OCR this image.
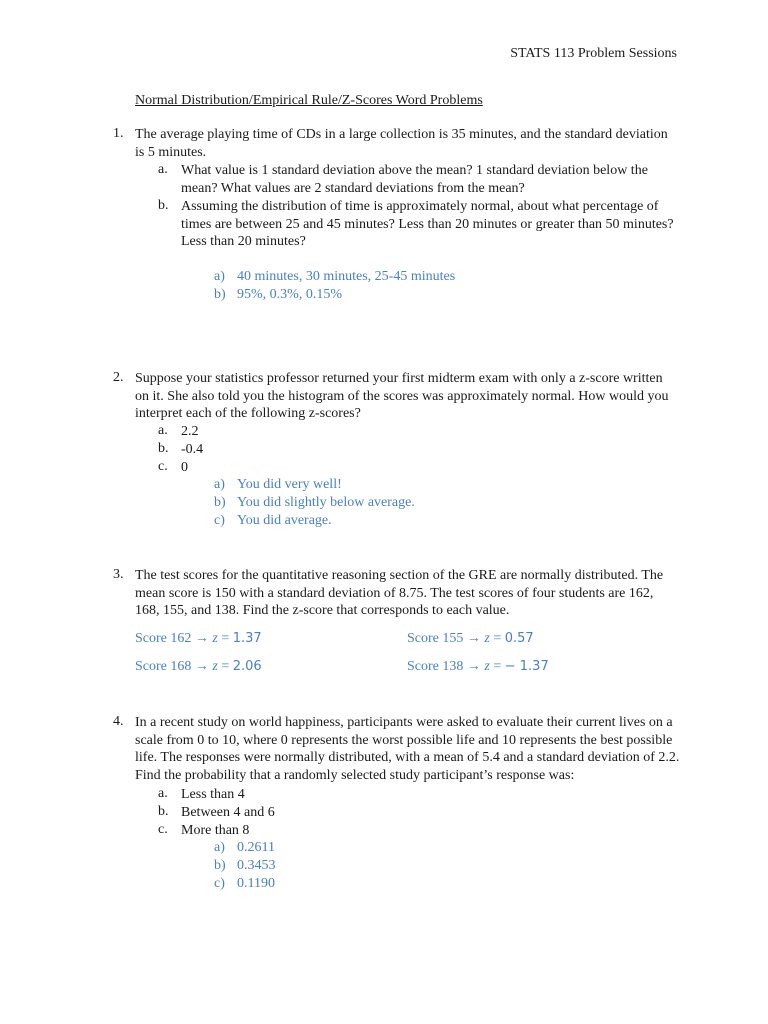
STATS 113 Problem Sessions
Normal Distribution/Empirical Rule/Z-Scores Word Problems
1. The average playing time of CDs in a large collection is 35 minutes, and the standard deviation is 5 minutes.
a. What value is 1 standard deviation above the mean? 1 standard deviation below the mean? What values are 2 standard deviations from the mean?
b. Assuming the distribution of time is approximately normal, about what percentage of times are between 25 and 45 minutes? Less than 20 minutes or greater than 50 minutes? Less than 20 minutes?
a) 40 minutes, 30 minutes, 25-45 minutes
b) 95%, 0.3%, 0.15%
2. Suppose your statistics professor returned your first midterm exam with only a z-score written on it. She also told you the histogram of the scores was approximately normal. How would you interpret each of the following z-scores?
a. 2.2
b. -0.4
c. 0
a) You did very well!
b) You did slightly below average.
c) You did average.
3. The test scores for the quantitative reasoning section of the GRE are normally distributed. The mean score is 150 with a standard deviation of 8.75. The test scores of four students are 162, 168, 155, and 138. Find the z-score that corresponds to each value.
Score 162 → z = 1.37	Score 155 → z = 0.57
Score 168 → z = 2.06	Score 138 → z = − 1.37
4. In a recent study on world happiness, participants were asked to evaluate their current lives on a scale from 0 to 10, where 0 represents the worst possible life and 10 represents the best possible life. The responses were normally distributed, with a mean of 5.4 and a standard deviation of 2.2. Find the probability that a randomly selected study participant’s response was:
a. Less than 4
b. Between 4 and 6
c. More than 8
a) 0.2611
b) 0.3453
c) 0.1190
